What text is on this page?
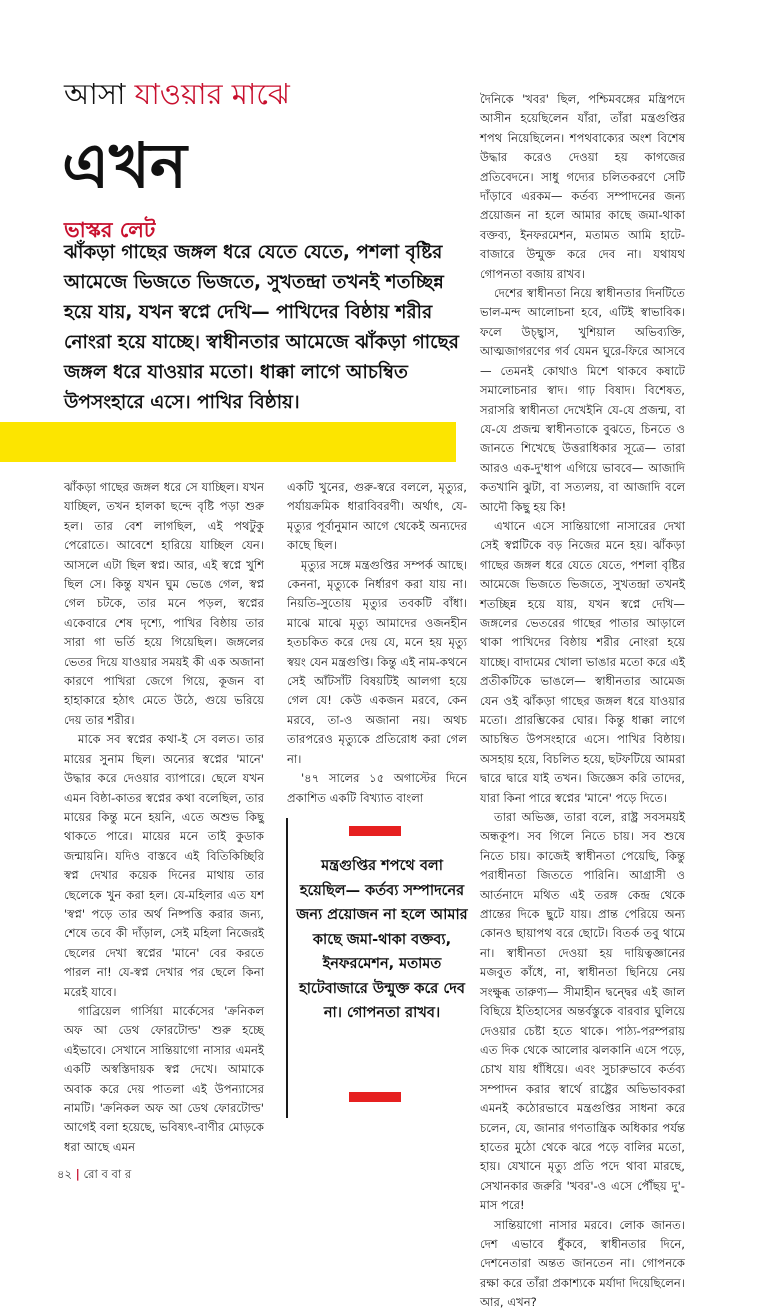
আসা যাওয়ার মাঝে
এখন
ভাস্কর লেট
ঝাঁকড়া গাছের জঙ্গল ধরে যেতে যেতে, পশলা বৃষ্টির আমেজে ভিজতে ভিজতে, সুখতন্দ্রা তখনই শতচ্ছিন্ন হয়ে যায়, যখন স্বপ্নে দেখি— পাখিদের বিষ্ঠায় শরীর নোংরা হয়ে যাচ্ছে। স্বাধীনতার আমেজে ঝাঁকড়া গাছের জঙ্গল ধরে যাওয়ার মতো। ধাক্কা লাগে আচম্বিত উপসংহারে এসে। পাখির বিষ্ঠায়।

ঝাঁকড়া গাছের জঙ্গল ধরে সে যাচ্ছিল। যখন যাচ্ছিল, তখন হালকা ছন্দে বৃষ্টি পড়া শুরু হল। তার বেশ লাগছিল, এই পথটুকু পেরোতে। আবেশে হারিয়ে যাচ্ছিল যেন। আসলে এটা ছিল স্বপ্ন। আর, এই স্বপ্নে খুশি ছিল সে। কিন্তু যখন ঘুম ভেঙে গেল, স্বপ্ন গেল চটকে, তার মনে পড়ল, স্বপ্নের একেবারে শেষ দৃশ্যে, পাখির বিষ্ঠায় তার সারা গা ভর্তি হয়ে গিয়েছিল। জঙ্গলের ভেতর দিয়ে যাওয়ার সময়ই কী এক অজানা কারণে পাখিরা জেগে গিয়ে, কূজন বা হাহাকারে হঠাৎ মেতে উঠে, গুয়ে ভরিয়ে দেয় তার শরীর।

মাকে সব স্বপ্নের কথা-ই সে বলত। তার মায়ের সুনাম ছিল। অন্যের স্বপ্নের 'মানে' উদ্ধার করে দেওয়ার ব্যাপারে। ছেলে যখন এমন বিষ্ঠা-কাতর স্বপ্নের কথা বলেছিল, তার মায়ের কিন্তু মনে হয়নি, এতে অশুভ কিছু থাকতে পারে। মায়ের মনে তাই কুডাক জন্মায়নি। যদিও বাস্তবে এই বিতিকিচ্ছিরি স্বপ্ন দেখার কয়েক দিনের মাথায় তার ছেলেকে খুন করা হল। যে-মহিলার এত যশ 'স্বপ্ন' পড়ে তার অর্থ নিষ্পত্তি করার জন্য, শেষে তবে কী দাঁড়াল, সেই মহিলা নিজেরই ছেলের দেখা স্বপ্নের 'মানে' বের করতে পারল না! যে-স্বপ্ন দেখার পর ছেলে কিনা মরেই যাবে।

গাব্রিয়েল গার্সিয়া মার্কেসের 'ক্রনিকল অফ আ ডেথ ফোরটোল্ড' শুরু হচ্ছে এইভাবে। সেখানে সান্তিয়াগো নাসার এমনই একটি অস্বস্তিদায়ক স্বপ্ন দেখে। আমাকে অবাক করে দেয় পাতলা এই উপন্যাসের নামটি। 'ক্রনিকল অফ আ ডেথ ফোরটোল্ড' আগেই বলা হয়েছে, ভবিষ্যৎ-বাণীর মোড়কে ধরা আছে এমন

একটি খুনের, গুরু-স্বরে বললে, মৃত্যুর, পর্যায়ক্রমিক ধারাবিবরণী। অর্থাৎ, যে-মৃত্যুর পূর্বানুমান আগে থেকেই অন্যদের কাছে ছিল।

মৃত্যুর সঙ্গে মন্ত্রগুপ্তির সম্পর্ক আছে। কেননা, মৃত্যুকে নির্ধারণ করা যায় না। নিয়তি-সুতোয় মৃত্যুর তবকটি বাঁধা। মাঝে মাঝে মৃত্যু আমাদের ওজনহীন হতচকিত করে দেয় যে, মনে হয় মৃত্যু স্বয়ং যেন মন্ত্রগুপ্তি। কিন্তু এই নাম-কথনে সেই আঁটসাঁট বিষয়টিই আলগা হয়ে গেল যে! কেউ একজন মরবে, কেন মরবে, তা-ও অজানা নয়। অথচ তারপরেও মৃত্যুকে প্রতিরোধ করা গেল না।

'৪৭ সালের ১৫ অগাস্টের দিনে প্রকাশিত একটি বিখ্যাত বাংলা

মন্ত্রগুপ্তির শপথে বলা হয়েছিল— কর্তব্য সম্পাদনের জন্য প্রয়োজন না হলে আমার কাছে জমা-থাকা বক্তব্য, ইনফরমেশন, মতামত হাটেবাজারে উন্মুক্ত করে দেব না। গোপনতা রাখব।

দৈনিকে 'খবর' ছিল, পশ্চিমবঙ্গের মন্ত্রিপদে আসীন হয়েছিলেন যাঁরা, তাঁরা মন্ত্রগুপ্তির শপথ নিয়েছিলেন। শপথবাক্যের অংশ বিশেষ উদ্ধার করেও দেওয়া হয় কাগজের প্রতিবেদনে। সাধু গদ্যের চলিতকরণে সেটি দাঁড়াবে এরকম— কর্তব্য সম্পাদনের জন্য প্রয়োজন না হলে আমার কাছে জমা-থাকা বক্তব্য, ইনফরমেশন, মতামত আমি হাটে-বাজারে উন্মুক্ত করে দেব না। যথাযথ গোপনতা বজায় রাখব।

দেশের স্বাধীনতা নিয়ে স্বাধীনতার দিনটিতে ভাল-মন্দ আলোচনা হবে, এটিই স্বাভাবিক। ফলে উচ্ছ্বাস, খুশিয়াল অভিব্যক্তি, আত্মজাগরণের গর্ব যেমন ঘুরে-ফিরে আসবে— তেমনই কোথাও মিশে থাকবে কষাটে সমালোচনার স্বাদ। গাঢ় বিষাদ। বিশেষত, সরাসরি স্বাধীনতা দেখেইনি যে-যে প্রজন্ম, বা যে-যে প্রজন্ম স্বাধীনতাকে বুঝতে, চিনতে ও জানতে শিখেছে উত্তরাধিকার সূত্রে— তারা আরও এক-দু'ধাপ এগিয়ে ভাববে— আজাদি কতখানি ঝুটা, বা সত্যলয়, বা আজাদি বলে আদৌ কিছু হয় কি!

এখানে এসে সান্তিয়াগো নাসারের দেখা সেই স্বপ্নটিকে বড় নিজের মনে হয়। ঝাঁকড়া গাছের জঙ্গল ধরে যেতে যেতে, পশলা বৃষ্টির আমেজে ভিজতে ভিজতে, সুখতন্দ্রা তখনই শতচ্ছিন্ন হয়ে যায়, যখন স্বপ্নে দেখি— জঙ্গলের ভেতরের গাছের পাতার আড়ালে থাকা পাখিদের বিষ্ঠায় শরীর নোংরা হয়ে যাচ্ছে। বাদামের খোলা ভাঙার মতো করে এই প্রতীকটিকে ভাঙলে— স্বাধীনতার আমেজ যেন ওই ঝাঁকড়া গাছের জঙ্গল ধরে যাওয়ার মতো। প্রারম্ভিকের ঘোর। কিন্তু ধাক্কা লাগে আচম্বিত উপসংহারে এসে। পাখির বিষ্ঠায়। অসহায় হয়ে, বিচলিত হয়ে, ছটফটিয়ে আমরা দ্বারে দ্বারে যাই তখন। জিজ্ঞেস করি তাদের, যারা কিনা পারে স্বপ্নের 'মানে' পড়ে দিতে।

তারা অভিজ্ঞ, তারা বলে, রাষ্ট্র সবসময়ই অন্ধকূপ। সব গিলে নিতে চায়। সব শুষে নিতে চায়। কাজেই স্বাধীনতা পেয়েছি, কিন্তু পরাধীনতা জিততে পারিনি। আগ্রাসী ও আর্তনাদে মথিত এই তরঙ্গ কেন্দ্র থেকে প্রান্তের দিকে ছুটে যায়। প্রান্ত পেরিয়ে অন্য কোনও ছায়াপথ বরে ছোটে। বিতর্ক তবু থামে না। স্বাধীনতা দেওয়া হয় দায়িত্বজ্ঞানের মজবুত কাঁধে, না, স্বাধীনতা ছিনিয়ে নেয় সংক্ষুব্ধ তারুণ্য— সীমাহীন দ্বন্দ্বের এই জাল বিছিয়ে ইতিহাসের অন্তর্বস্তুকে বারবার ঘুলিয়ে দেওয়ার চেষ্টা হতে থাকে। পাঠ্য-পরম্পরায় এত দিক থেকে আলোর ঝলকানি এসে পড়ে, চোখ যায় ধাঁধিয়ে। এবং সুচারুভাবে কর্তব্য সম্পাদন করার স্বার্থে রাষ্ট্রের অভিভাবকরা এমনই কঠোরভাবে মন্ত্রগুপ্তির সাধনা করে চলেন, যে, জানার গণতান্ত্রিক অধিকার পর্যন্ত হাতের মুঠো থেকে ঝরে পড়ে বালির মতো, হায়। যেখানে মৃত্যু প্রতি পদে থাবা মারছে, সেখানকার জরুরি 'খবর'-ও এসে পৌঁছয় দু'-মাস পরে!

সান্তিয়াগো নাসার মরবে। লোক জানত। দেশ এভাবে ধুঁকবে, স্বাধীনতার দিনে, দেশনেতারা অন্তত জানতেন না। গোপনকে রক্ষা করে তাঁরা প্রকাশ্যকে মর্যাদা দিয়েছিলেন। আর, এখন?

৪২ | রো ব বা র
